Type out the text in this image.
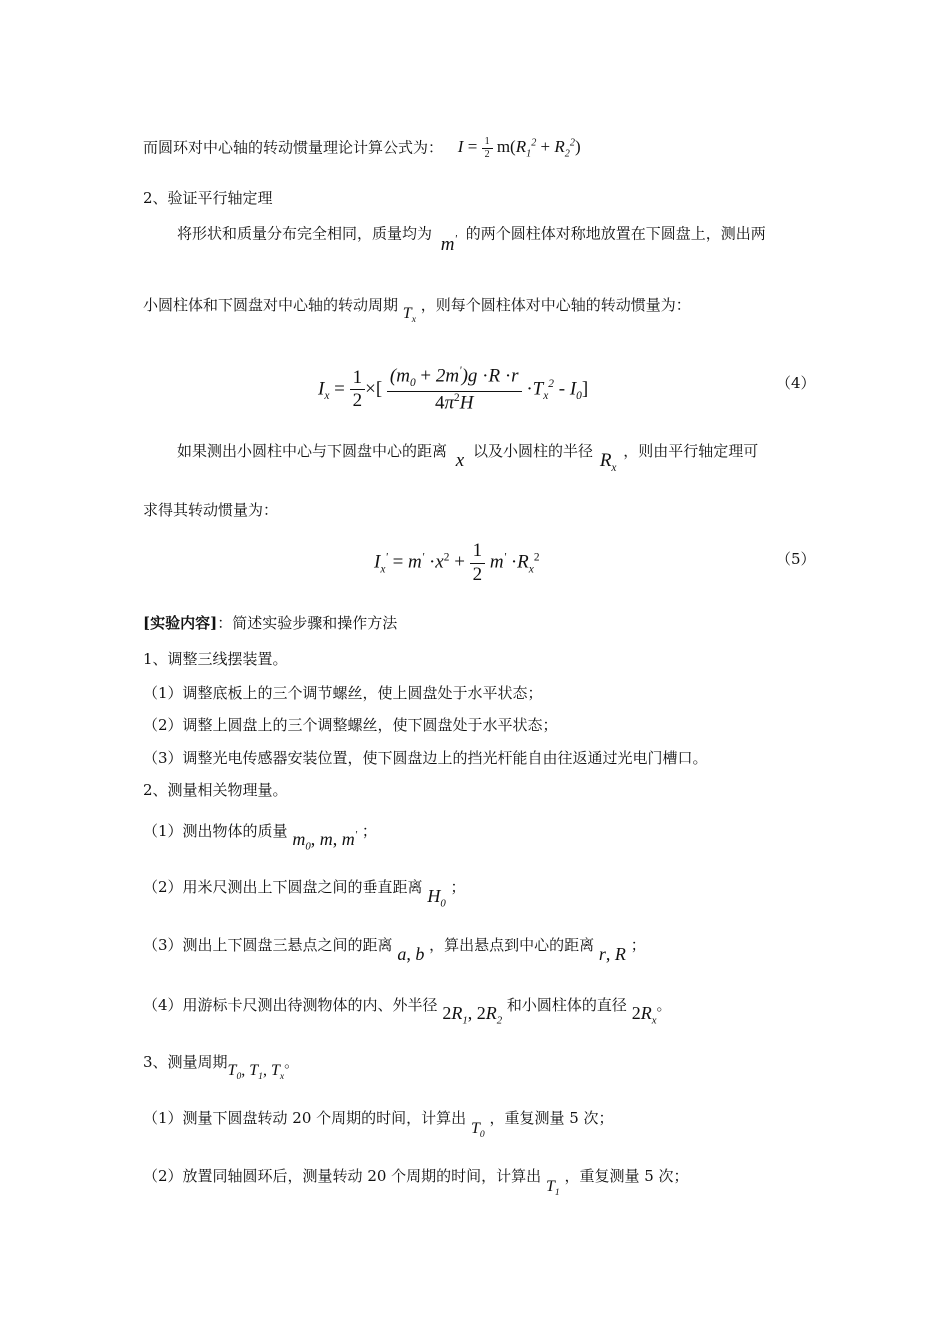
而圆环对中心轴的转动惯量理论计算公式为： $I = \frac{1}{2} m(R_1^2 + R_2^2)$
2、验证平行轴定理
将形状和质量分布完全相同，质量均为 m' 的两个圆柱体对称地放置在下圆盘上，测出两
小圆柱体和下圆盘对中心轴的转动周期 $T_x$ ，则每个圆柱体对中心轴的转动惯量为：
$I_x = \frac{1}{2}$ ×[ $\frac{(m_0 + 2m')g \cdot R \cdot r}{4\pi^2H} \cdot T_x^2 - I_0$]	（4）
如果测出小圆柱中心与下圆盘中心的距离 x 以及小圆柱的半径 $R_x$ ，则由平行轴定理可
求得其转动惯量为：
$I_x' = m' \cdot x^2 + \frac{1}{2} m' \cdot R_x^2$	（5）
[实验内容]：简述实验步骤和操作方法
1、调整三线摆装置。
（1）调整底板上的三个调节螺丝，使上圆盘处于水平状态；
（2）调整上圆盘上的三个调整螺丝，使下圆盘处于水平状态；
（3）调整光电传感器安装位置，使下圆盘边上的挡光杆能自由往返通过光电门槽口。
2、测量相关物理量。
（1）测出物体的质量 $m_0$, m, m' ；
（2）用米尺测出上下圆盘之间的垂直距离 $H_0$ ；
（3）测出上下圆盘三悬点之间的距离 a, b ，算出悬点到中心的距离 r, R ；
（4）用游标卡尺测出待测物体的内、外半径 $2R_1$, $2R_2$ 和小圆柱体的直径 $2R_x$。
3、测量周期$T_0$, $T_1$, $T_x$。
（1）测量下圆盘转动 20 个周期的时间，计算出 $T_0$ ，重复测量 5 次；
（2）放置同轴圆环后，测量转动 20 个周期的时间，计算出 $T_1$ ，重复测量 5 次；
